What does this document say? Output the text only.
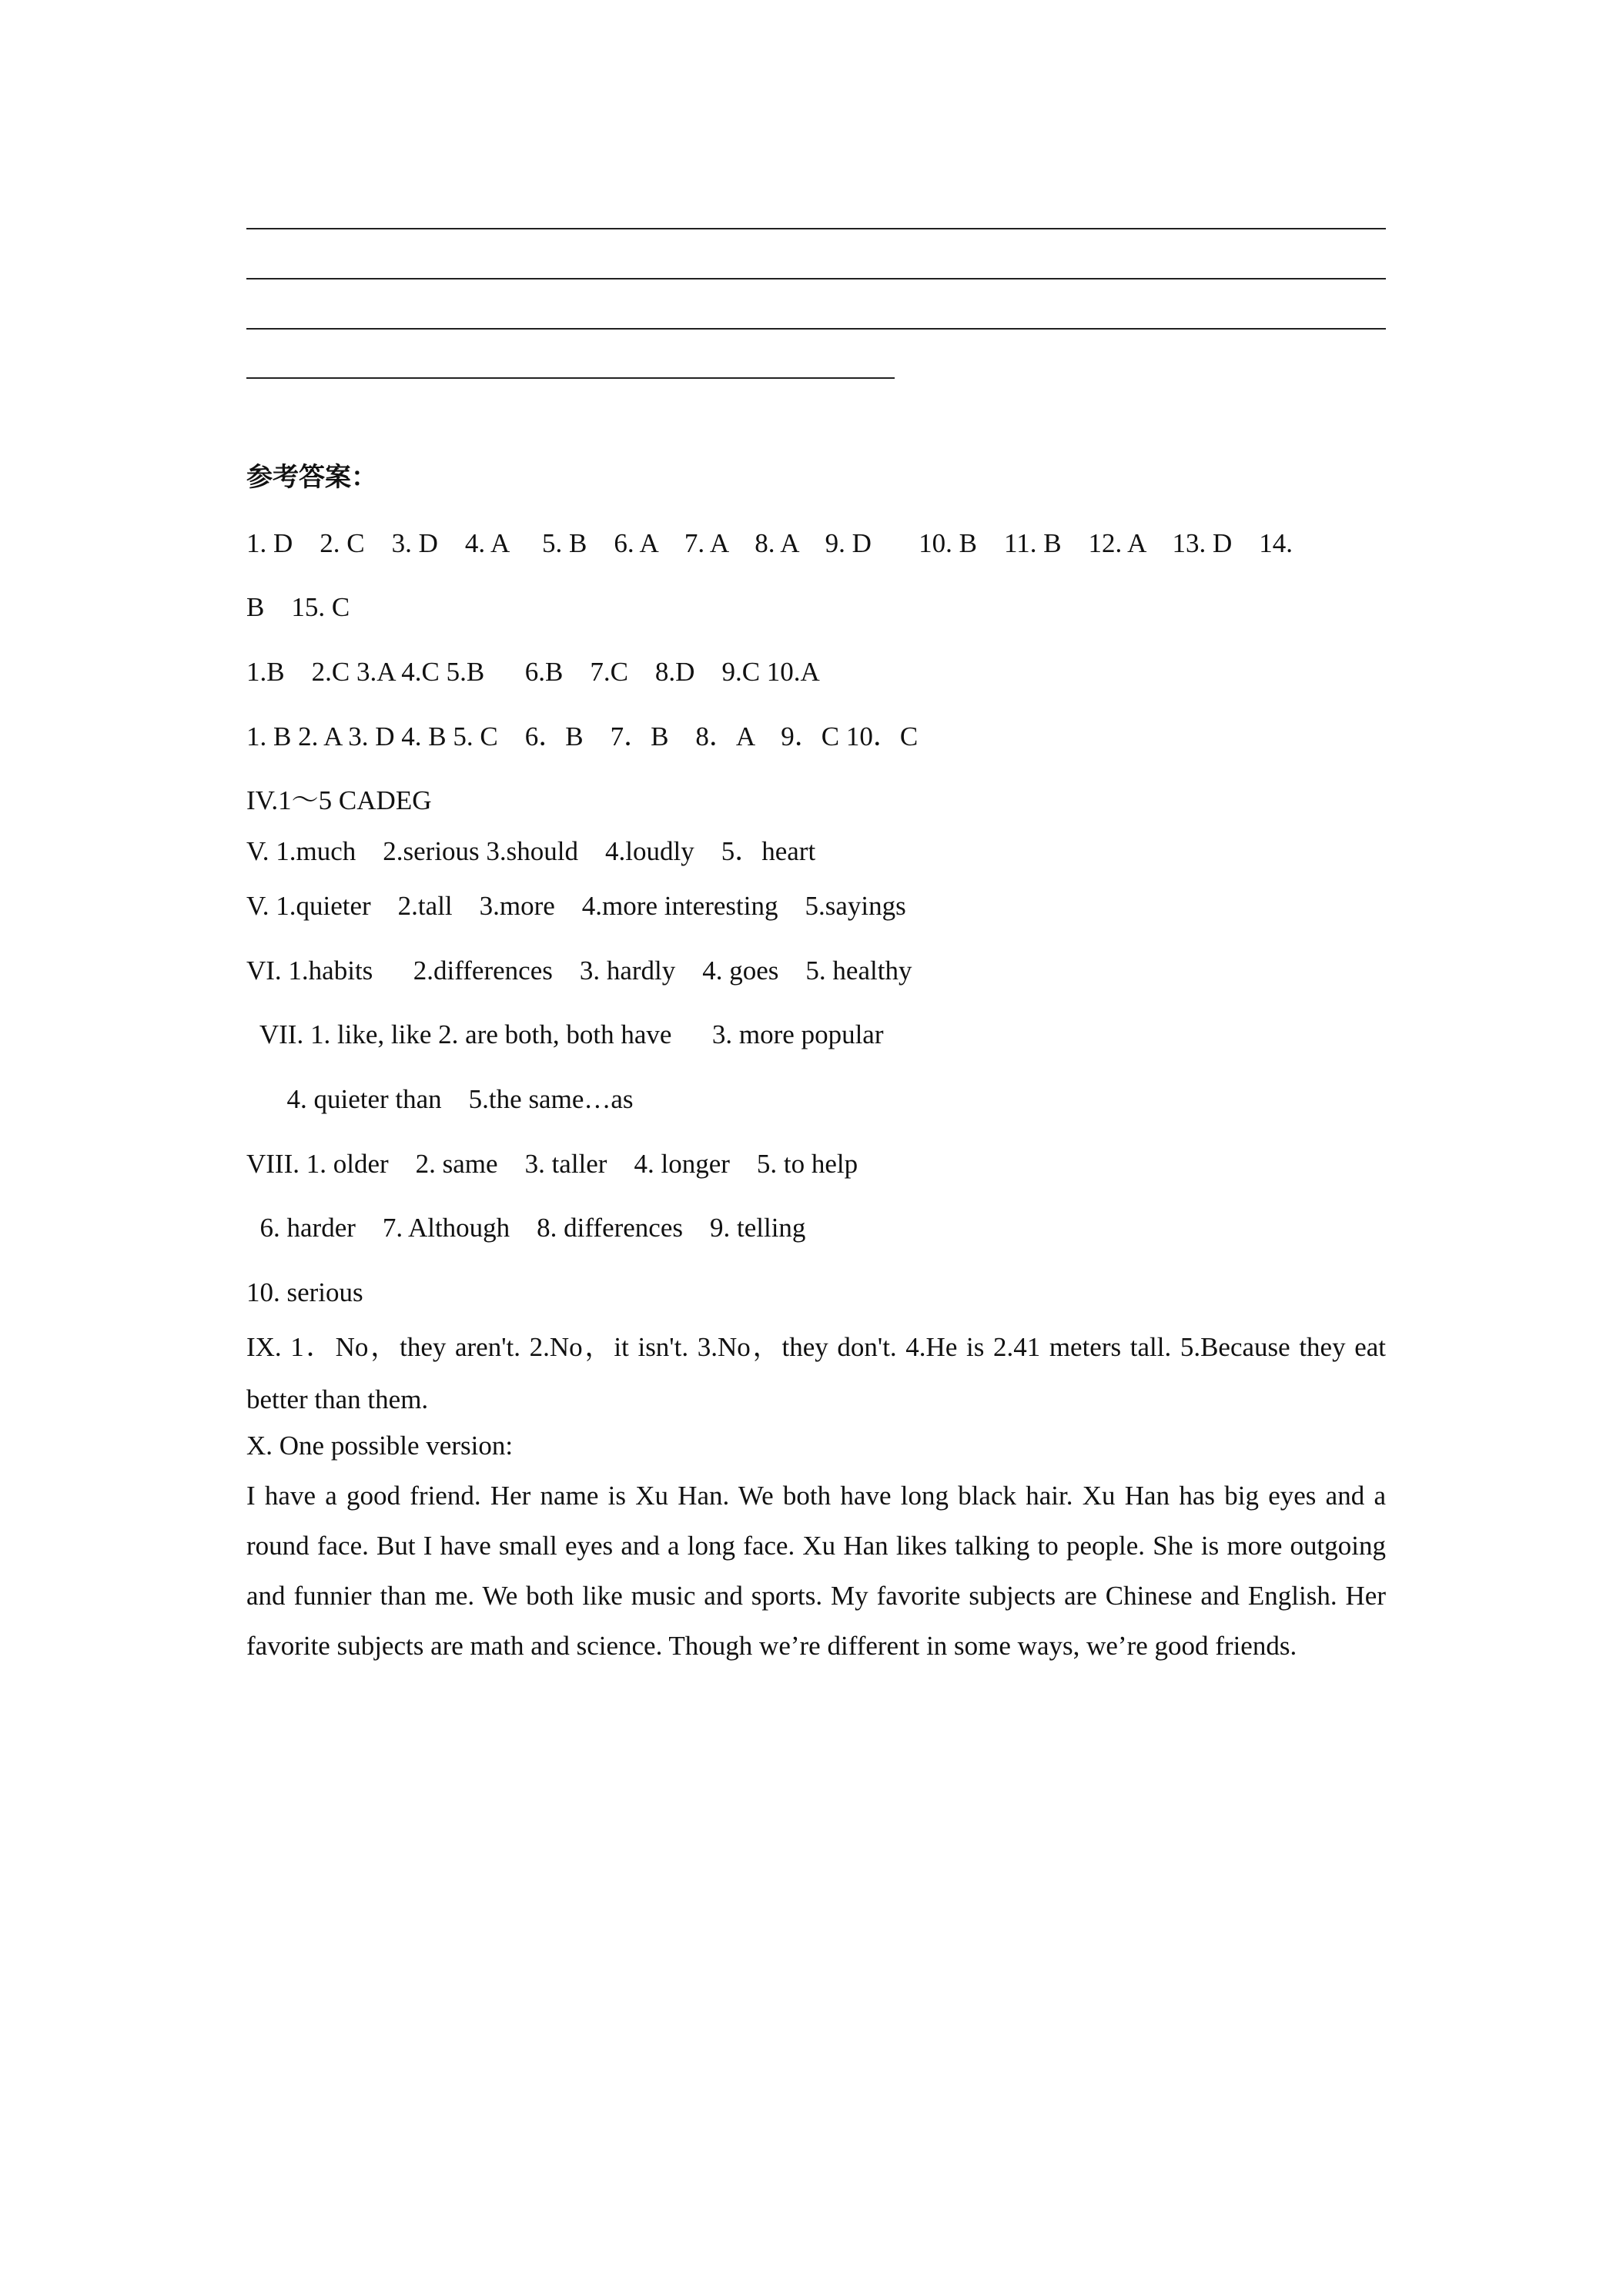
参考答案：
1. D    2. C    3. D    4. A     5. B    6. A    7. A    8. A    9. D       10. B    11. B    12. A    13. D    14.
B    15. C
1.B    2.C 3.A 4.C 5.B      6.B    7.C    8.D    9.C 10.A
1. B 2. A 3. D 4. B 5. C    6．B    7．B    8．A    9．C 10．C
IV.1～5 CADEG
V. 1.much    2.serious 3.should    4.loudly    5．heart
V. 1.quieter    2.tall    3.more    4.more interesting    5.sayings
VI. 1.habits      2.differences    3. hardly    4. goes    5. healthy
VII. 1. like, like 2. are both, both have      3. more popular
4. quieter than    5.the same…as
VIII. 1. older    2. same    3. taller    4. longer    5. to help
6. harder    7. Although    8. differences    9. telling
10. serious
IX. 1．No，they aren't. 2.No，it isn't. 3.No，they don't. 4.He is 2.41 meters tall. 5.Because they eat better than them.
X. One possible version:
I have a good friend. Her name is Xu Han. We both have long black hair. Xu Han has big eyes and a round face. But I have small eyes and a long face. Xu Han likes talking to people. She is more outgoing and funnier than me. We both like music and sports. My favorite subjects are Chinese and English. Her favorite subjects are math and science. Though we’re different in some ways, we’re good friends.
